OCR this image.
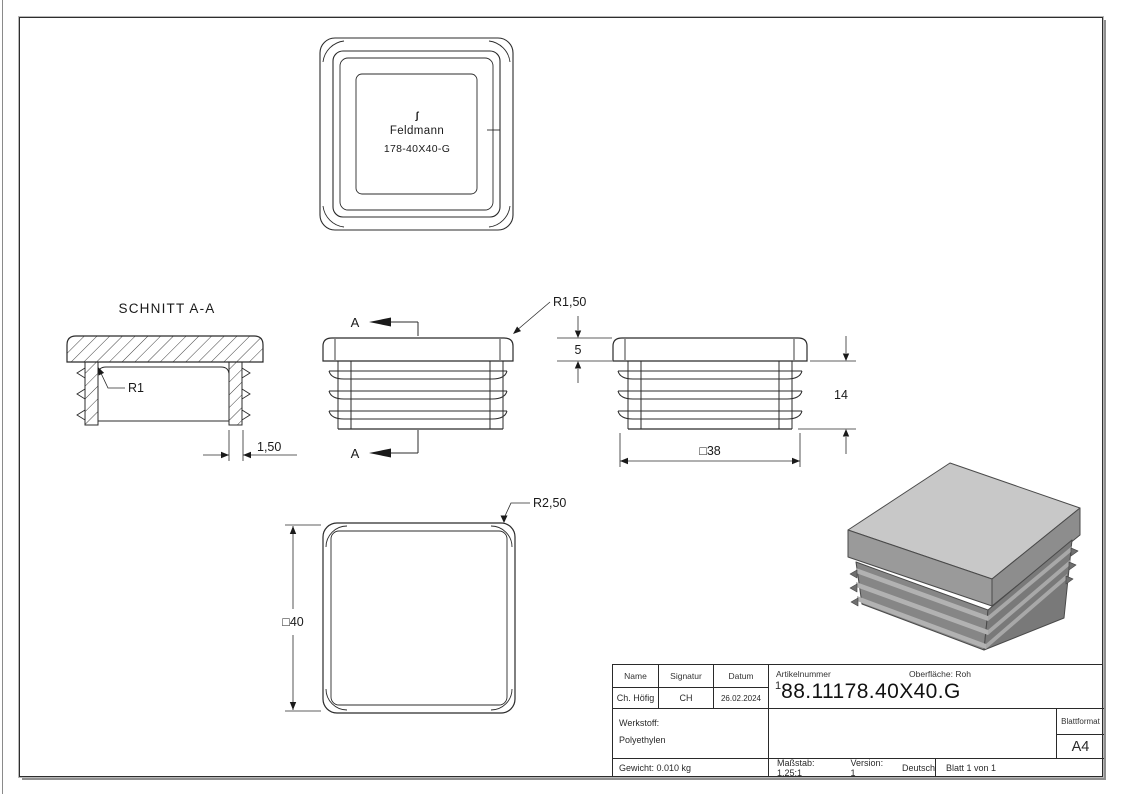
ʃ
Feldmann
178-40X40-G
SCHNITT A-A
R1
1,50
A
A
R1,50
5
14
□38
□40
R2,50
Name	Signatur	Datum
Ch. Höfig	CH	26.02.2024
Artikelnummer	Oberfläche: Roh
188.11178.40X40.G
Werkstoff:
Polyethylen
Blattformat
A4
Gewicht: 0.010 kg	Maßstab: 1.25:1
Version: 1	Deutsch	Blatt 1 von 1
